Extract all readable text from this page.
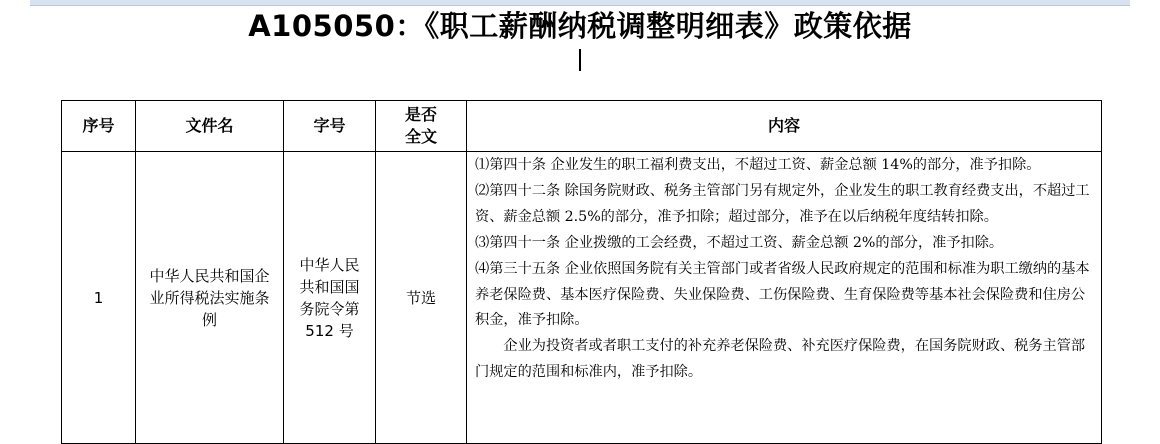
A105050：《职工薪酬纳税调整明细表》政策依据
序号	文件名	字号	是否全文	内容
1	中华人民共和国企业所得税法实施条例	中华人民共和国国务院令第 512 号	节选	⑴第四十条 企业发生的职工福利费支出，不超过工资、薪金总额 14%的部分，准予扣除。

⑵第四十二条 除国务院财政、税务主管部门另有规定外，企业发生的职工教育经费支出，不超过工资、薪金总额 2.5%的部分，准予扣除；超过部分，准予在以后纳税年度结转扣除。

⑶第四十一条 企业拨缴的工会经费，不超过工资、薪金总额 2%的部分，准予扣除。

⑷第三十五条 企业依照国务院有关主管部门或者省级人民政府规定的范围和标准为职工缴纳的基本养老保险费、基本医疗保险费、失业保险费、工伤保险费、生育保险费等基本社会保险费和住房公积金，准予扣除。

企业为投资者或者职工支付的补充养老保险费、补充医疗保险费，在国务院财政、税务主管部门规定的范围和标准内，准予扣除。
